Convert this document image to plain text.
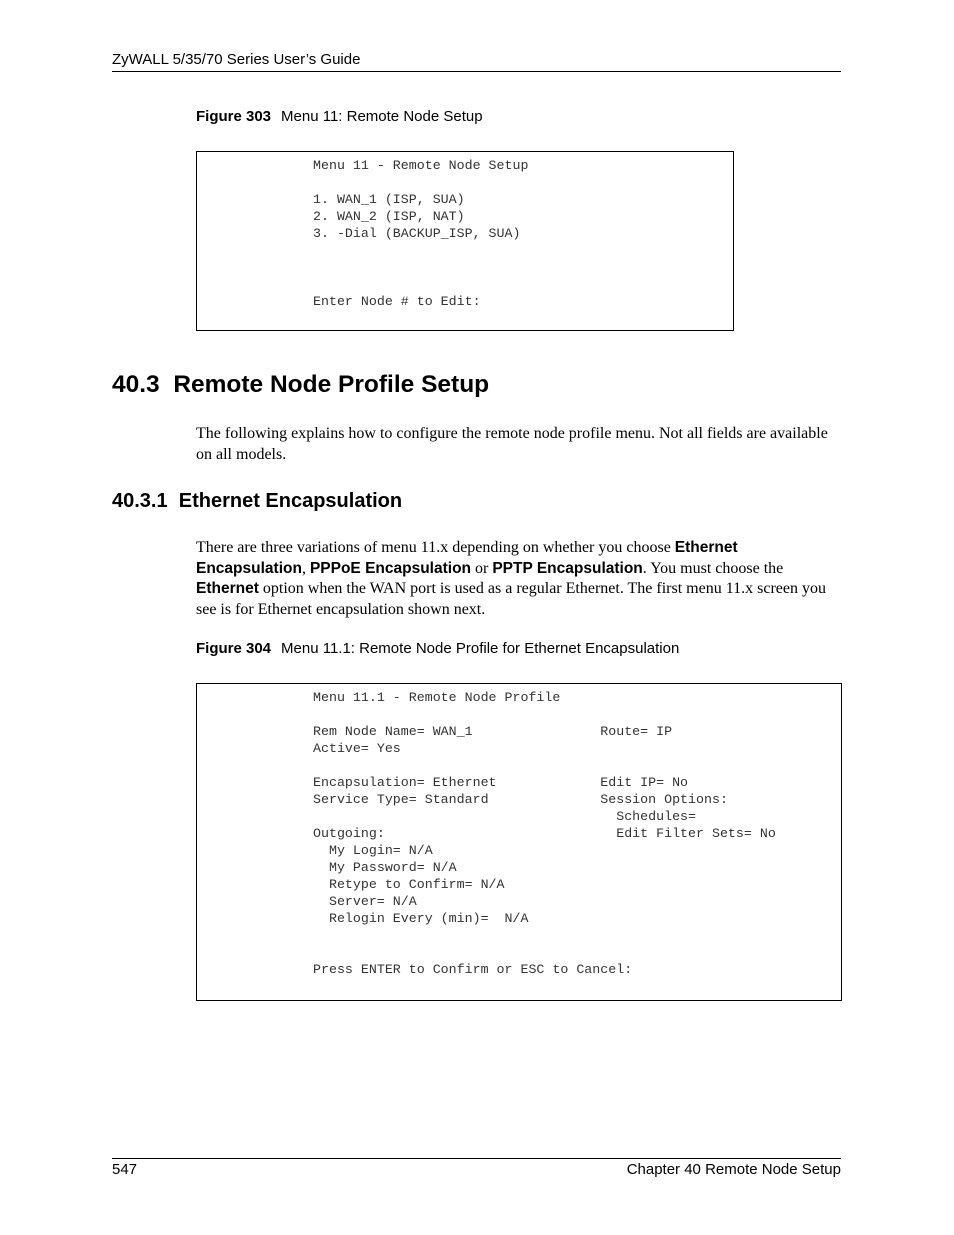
ZyWALL 5/35/70 Series User’s Guide
Figure 303 Menu 11: Remote Node Setup
Menu 11 - Remote Node Setup

1. WAN_1 (ISP, SUA)
2. WAN_2 (ISP, NAT)
3. -Dial (BACKUP_ISP, SUA)

Enter Node # to Edit:
40.3 Remote Node Profile Setup
The following explains how to configure the remote node profile menu. Not all fields are available on all models.
40.3.1 Ethernet Encapsulation
There are three variations of menu 11.x depending on whether you choose Ethernet Encapsulation, PPPoE Encapsulation or PPTP Encapsulation. You must choose the Ethernet option when the WAN port is used as a regular Ethernet. The first menu 11.x screen you see is for Ethernet encapsulation shown next.
Figure 304 Menu 11.1: Remote Node Profile for Ethernet Encapsulation
Menu 11.1 - Remote Node Profile

Rem Node Name= WAN_1                Route= IP
Active= Yes

Encapsulation= Ethernet             Edit IP= No
Service Type= Standard              Session Options:
Schedules=
Outgoing:                             Edit Filter Sets= No
My Login= N/A
My Password= N/A
Retype to Confirm= N/A
Server= N/A
Relogin Every (min)=  N/A

Press ENTER to Confirm or ESC to Cancel:
547	Chapter 40 Remote Node Setup
